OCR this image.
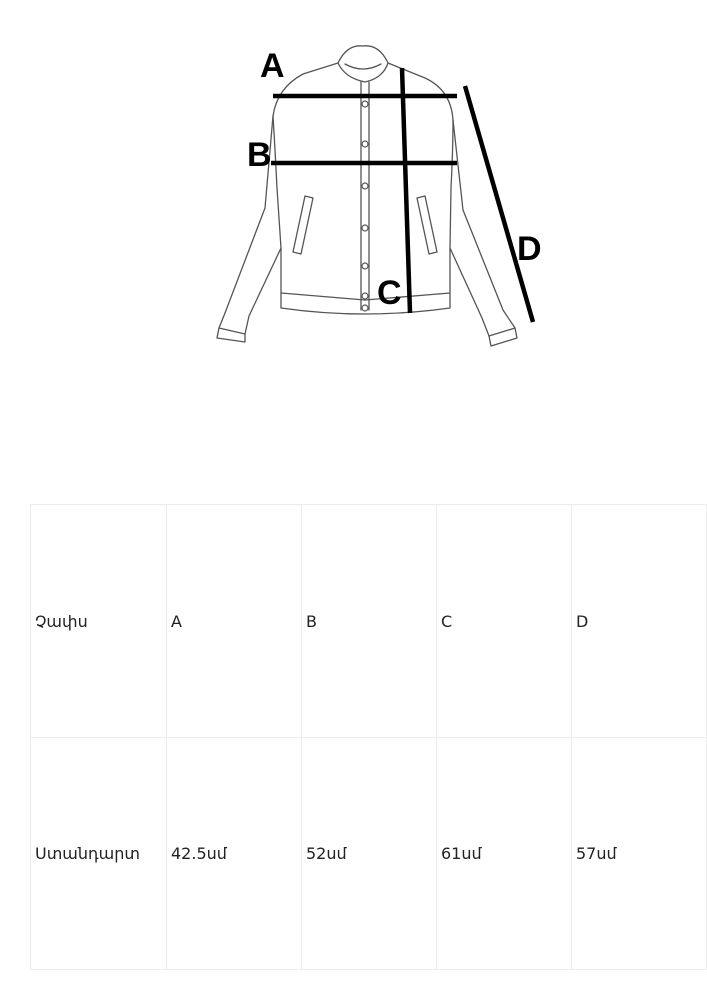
A
B
C
D
Չափս	A	B	C	D
Ստանդարտ	42.5սմ	52սմ	61սմ	57սմ
